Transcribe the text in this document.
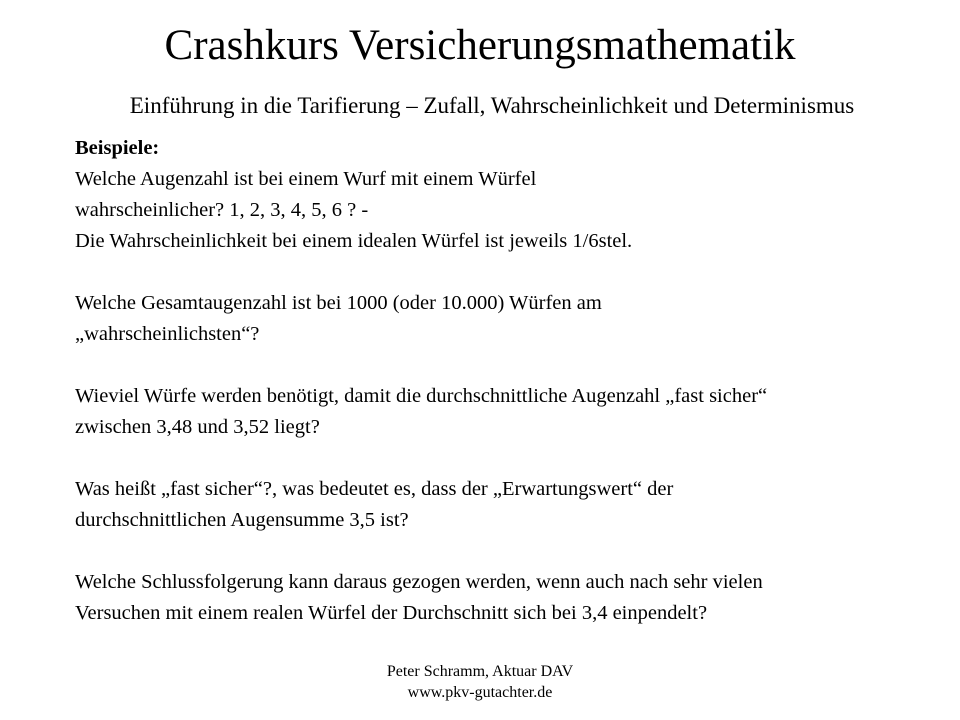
Crashkurs Versicherungsmathematik
Einführung in die Tarifierung – Zufall, Wahrscheinlichkeit und Determinismus
Beispiele:
Welche Augenzahl ist bei einem Wurf mit einem Würfel
wahrscheinlicher? 1, 2, 3, 4, 5, 6 ? -
Die Wahrscheinlichkeit bei einem idealen Würfel ist jeweils 1/6stel.
Welche Gesamtaugenzahl ist bei 1000 (oder 10.000) Würfen am
„wahrscheinlichsten“?
Wieviel Würfe werden benötigt, damit die durchschnittliche Augenzahl „fast sicher“
zwischen 3,48 und 3,52 liegt?
Was heißt „fast sicher“?, was bedeutet es, dass der „Erwartungswert“ der
durchschnittlichen Augensumme 3,5 ist?
Welche Schlussfolgerung kann daraus gezogen werden, wenn auch nach sehr vielen
Versuchen mit einem realen Würfel der Durchschnitt sich bei 3,4 einpendelt?
Peter Schramm, Aktuar DAV
www.pkv-gutachter.de
